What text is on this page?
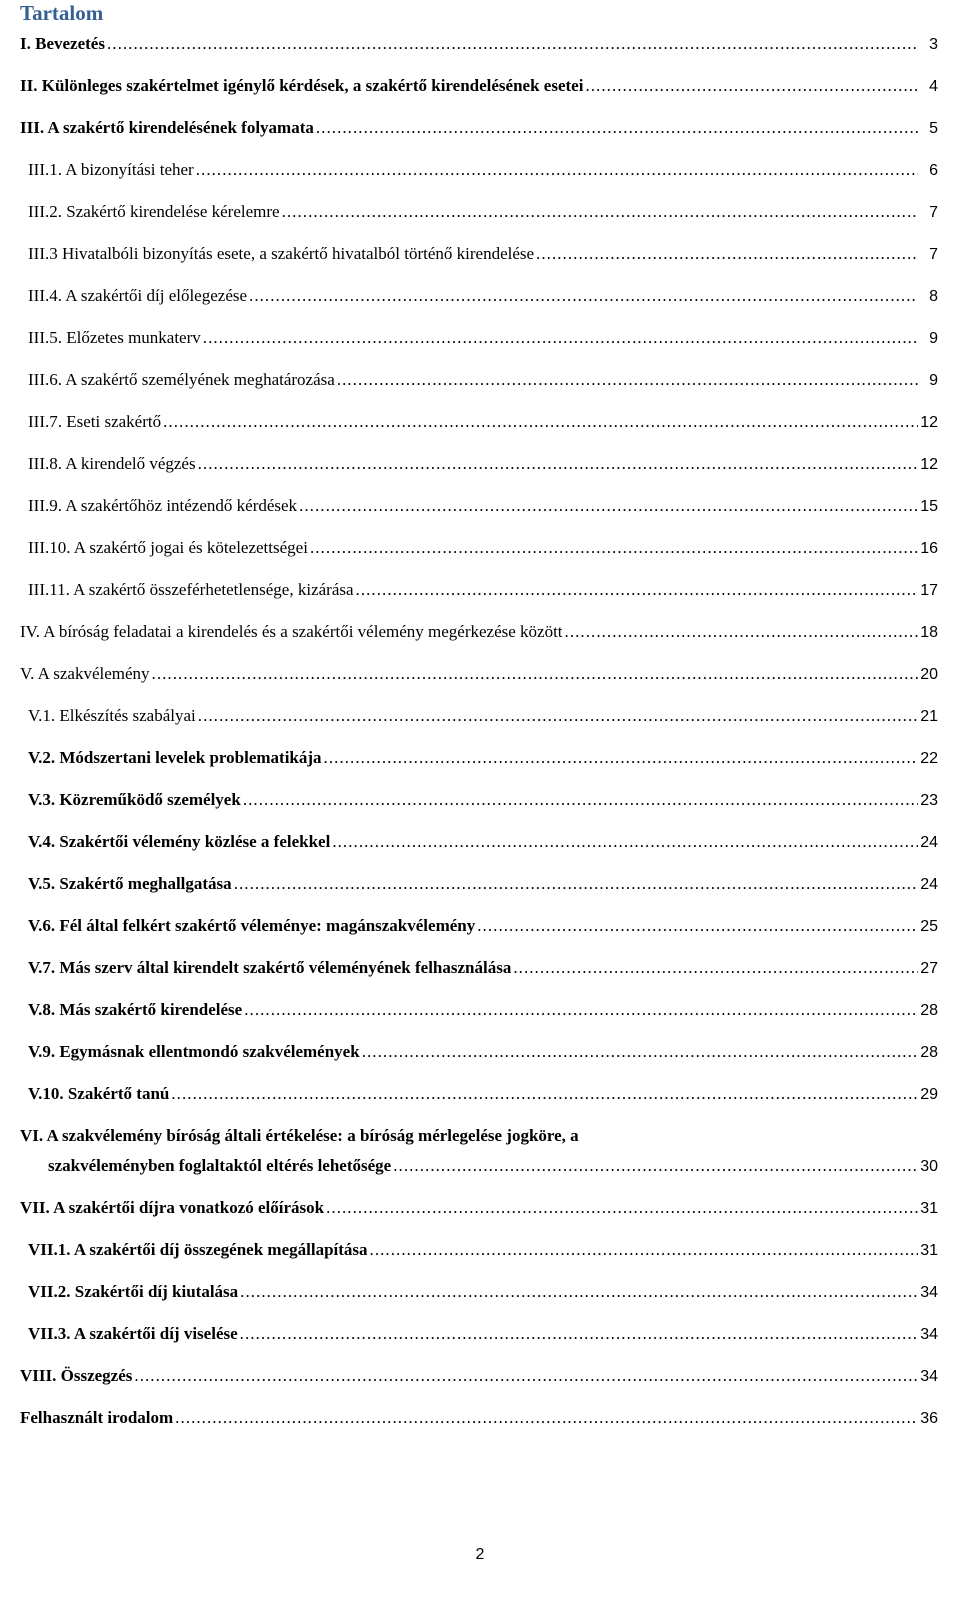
Tartalom
I. Bevezetés . . .	3
II. Különleges szakértelmet igénylő kérdések, a szakértő kirendelésének esetei . . .	4
III. A szakértő kirendelésének folyamata . . .	5
III.1. A bizonyítási teher . . .	6
III.2. Szakértő kirendelése kérelemre . . .	7
III.3 Hivatalbóli bizonyítás esete, a szakértő hivatalból történő kirendelése . . .	7
III.4. A szakértői díj előlegezése . . .	8
III.5. Előzetes munkaterv . . .	9
III.6. A szakértő személyének meghatározása . . .	9
III.7. Eseti szakértő . . .	12
III.8. A kirendelő végzés . . .	12
III.9. A szakértőhöz intézendő kérdések . . .	15
III.10. A szakértő jogai és kötelezettségei . . .	16
III.11. A szakértő összeférhetetlensége, kizárása . . .	17
IV. A bíróság feladatai a kirendelés és a szakértői vélemény megérkezése között . . .	18
V. A szakvélemény . . .	20
V.1. Elkészítés szabályai . . .	21
V.2. Módszertani levelek problematikája . . .	22
V.3. Közreműködő személyek . . .	23
V.4. Szakértői vélemény közlése a felekkel . . .	24
V.5. Szakértő meghallgatása . . .	24
V.6. Fél által felkért szakértő véleménye: magánszakvélemény . . .	25
V.7. Más szerv által kirendelt szakértő véleményének felhasználása . . .	27
V.8. Más szakértő kirendelése . . .	28
V.9. Egymásnak ellentmondó szakvélemények . . .	28
V.10. Szakértő tanú . . .	29
VI. A szakvélemény bíróság általi értékelése: a bíróság mérlegelése jogköre, a
szakvéleményben foglaltaktól eltérés lehetősége . . .	30
VII. A szakértői díjra vonatkozó előírások . . .	31
VII.1. A szakértői díj összegének megállapítása . . .	31
VII.2. Szakértői díj kiutalása . . .	34
VII.3. A szakértői díj viselése . . .	34
VIII. Összegzés . . .	34
Felhasznált irodalom . . .	36
2
